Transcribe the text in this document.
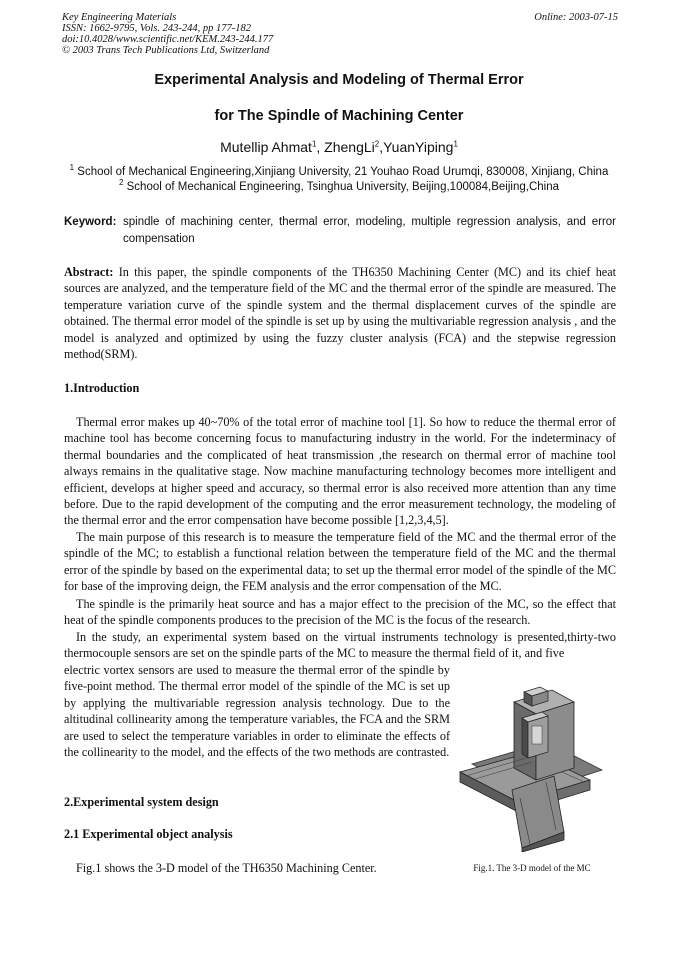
Key Engineering Materials
ISSN: 1662-9795, Vols. 243-244, pp 177-182
doi:10.4028/www.scientific.net/KEM.243-244.177
© 2003 Trans Tech Publications Ltd, Switzerland
Online: 2003-07-15
Experimental Analysis and Modeling of Thermal Error
for The Spindle of Machining Center
Mutellip Ahmat$^1$, ZhengLi$^2$,YuanYiping$^1$
$^1$ School of Mechanical Engineering,Xinjiang University, 21 Youhao Road Urumqi, 830008, Xinjiang, China
$^2$ School of Mechanical Engineering, Tsinghua University, Beijing,100084,Beijing,China
Keyword: spindle of machining center, thermal error, modeling, multiple regression analysis, and error compensation
Abstract: In this paper, the spindle components of the TH6350 Machining Center (MC) and its chief heat sources are analyzed, and the temperature field of the MC and the thermal error of the spindle are measured. The temperature variation curve of the spindle system and the thermal displacement curves of the spindle are obtained. The thermal error model of the spindle is set up by using the multivariable regression analysis , and the model is analyzed and optimized by using the fuzzy cluster analysis (FCA) and the stepwise regression method(SRM).
1.Introduction
Thermal error makes up 40~70% of the total error of machine tool [1]. So how to reduce the thermal error of machine tool has become concerning focus to manufacturing industry in the world. For the indeterminacy of thermal boundaries and the complicated of heat transmission ,the research on thermal error of machine tool always remains in the qualitative stage. Now machine manufacturing technology becomes more intelligent and efficient, develops at higher speed and accuracy, so thermal error is also received more attention than any time before. Due to the rapid development of the computing and the error measurement technology, the modeling of the thermal error and the error compensation have become possible [1,2,3,4,5].
The main purpose of this research is to measure the temperature field of the MC and the thermal error of the spindle of the MC; to establish a functional relation between the temperature field of the MC and the thermal error of the spindle by based on the experimental data; to set up the thermal error model of the spindle of the MC for base of the improving deign, the FEM analysis and the error compensation of the MC.
The spindle is the primarily heat source and has a major effect to the precision of the MC, so the effect that heat of the spindle components produces to the precision of the MC is the focus of the research.
In the study, an experimental system based on the virtual instruments technology is presented,thirty-two thermocouple sensors are set on the spindle parts of the MC to measure the thermal field of it, and five
electric vortex sensors are used to measure the thermal error of the spindle by five-point method. The thermal error model of the spindle of the MC is set up by applying the multivariable regression analysis technology. Due to the altitudinal collinearity among the temperature variables, the FCA and the SRM are used to select the temperature variables in order to eliminate the effects of the collinearity to the model, and the effects of the two methods are contrasted.
2.Experimental system design
2.1 Experimental object analysis
Fig.1 shows the 3-D model of the TH6350 Machining Center.	Fig.1. The 3-D model of the MC
